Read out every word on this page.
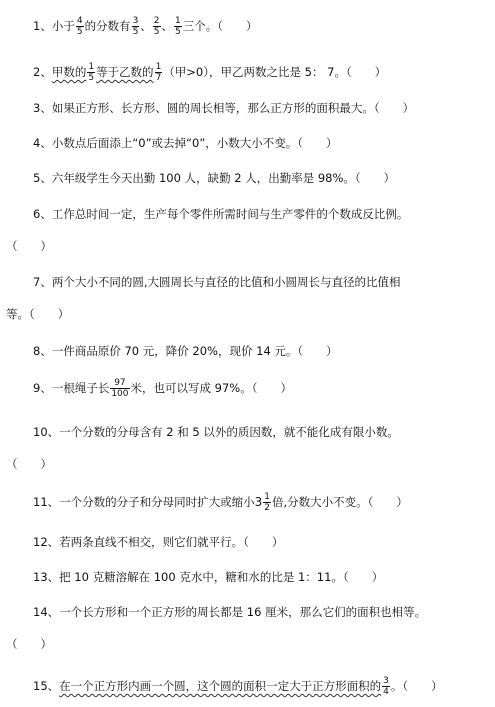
1、小于 $\frac{4}{5}$ 的分数有 $\frac{3}{5}$ 、 $\frac{2}{5}$ 、 $\frac{1}{5}$ 三个。（　　）
2、甲数的 $\frac{1}{5}$ 等于乙数的 $\frac{1}{7}$ （甲>0），甲乙两数之比是 5： 7。（　　）
3、如果正方形、长方形、圆的周长相等，那么正方形的面积最大。（　　）
4、小数点后面添上“0”或去掉“0”，小数大小不变。（　　）
5、六年级学生今天出勤 100 人，缺勤 2 人，出勤率是 98%。（　　）
6、工作总时间一定，生产每个零件所需时间与生产零件的个数成反比例。
（　　）
7、两个大小不同的圆,大圆周长与直径的比值和小圆周长与直径的比值相
等。（　　）
8、一件商品原价 70 元，降价 20%，现价 14 元。（　　）
9、一根绳子长 $\frac{97}{100}$ 米，也可以写成 97%。（　　）
10、一个分数的分母含有 2 和 5 以外的质因数，就不能化成有限小数。
（　　）
11、一个分数的分子和分母同时扩大或缩小$3 \frac{1}{2}$ 倍,分数大小不变。（　　）
12、若两条直线不相交，则它们就平行。（　　）
13、把 10 克糖溶解在 100 克水中，糖和水的比是 1：11。（　　）
14、一个长方形和一个正方形的周长都是 16 厘米，那么它们的面积也相等。
（　　）
15、在一个正方形内画一个圆，这个圆的面积一定大于正方形面积的 $\frac{3}{4}$ 。（　　）
